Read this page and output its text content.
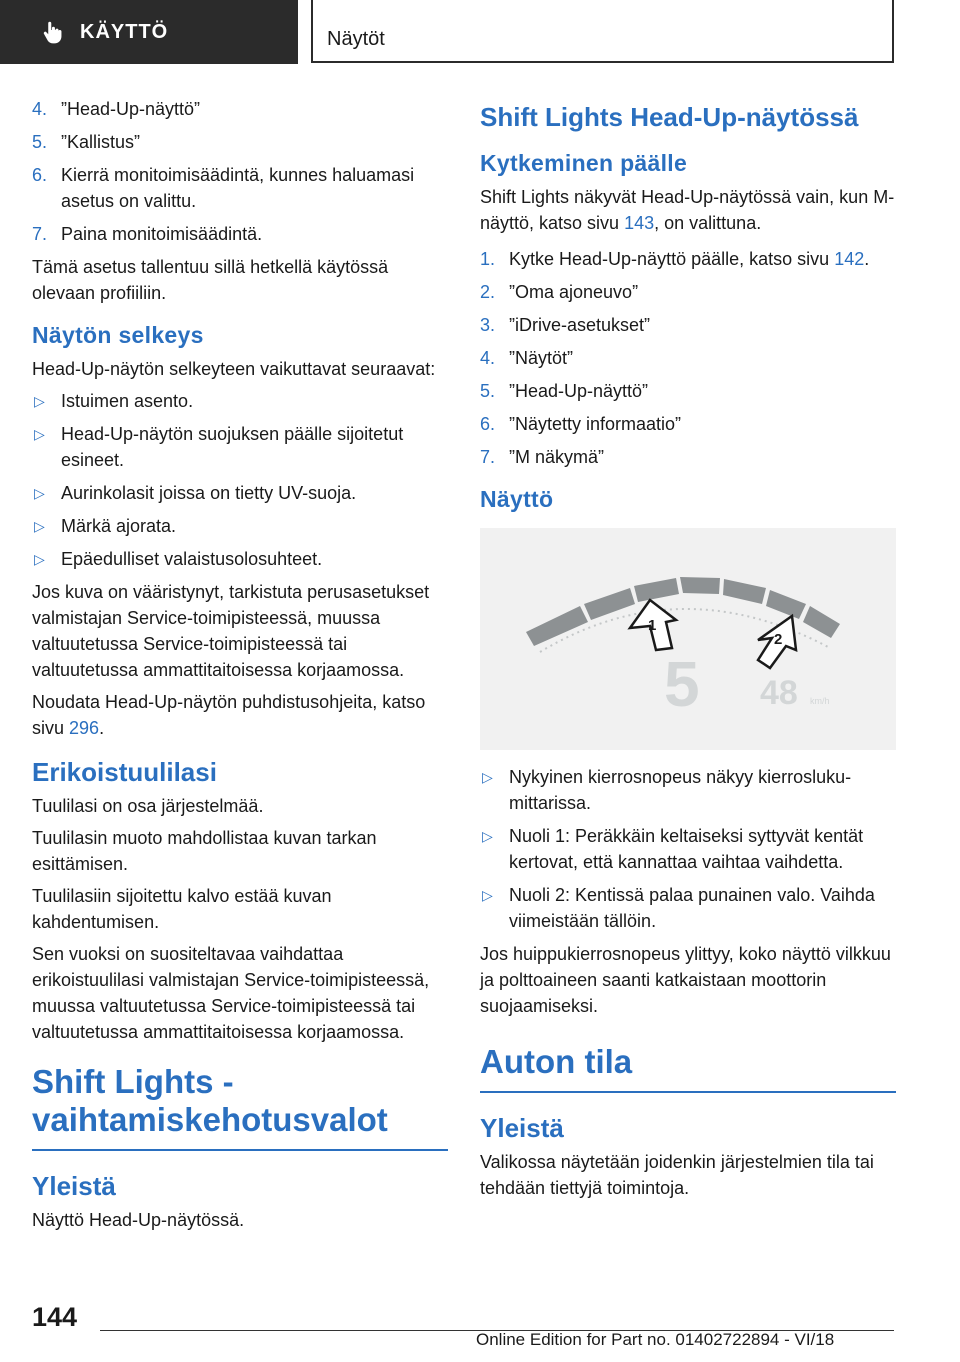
KÄYTTÖ	Näytöt
4. ”Head-Up-näyttö”
5. ”Kallistus”
6. Kierrä monitoimisäädintä, kunnes haluamasi asetus on valittu.
7. Paina monitoimisäädintä.

Tämä asetus tallentuu sillä hetkellä käytössä olevaan profiiliin.

Näytön selkeys

Head-Up-näytön selkeyteen vaikuttavat seuraavat:

▷ Istuimen asento.
▷ Head-Up-näytön suojuksen päälle sijoitetut esineet.
▷ Aurinkolasit joissa on tietty UV-suoja.
▷ Märkä ajorata.
▷ Epäedulliset valaistusolosuhteet.

Jos kuva on vääristynyt, tarkistuta perusasetukset valmistajan Service-toimipisteessä, muussa valtuutetussa Service-toimipisteessä tai valtuutetussa ammattitaitoisessa korjaamossa.

Noudata Head-Up-näytön puhdistusohjeita, katso sivu 296.

Erikoistuulilasi

Tuulilasi on osa järjestelmää.

Tuulilasin muoto mahdollistaa kuvan tarkan esittämisen.

Tuulilasiin sijoitettu kalvo estää kuvan kahdentumisen.

Sen vuoksi on suositeltavaa vaihdattaa erikoistuulilasi valmistajan Service-toimipisteessä, muussa valtuutetussa Service-toimipisteessä tai valtuutetussa ammattitaitoisessa korjaamossa.

Shift Lights -
vaihtamiskehotusvalot
Yleistä

Näyttö Head-Up-näytössä.

Shift Lights Head-Up-näytössä
Kytkeminen päälle

Shift Lights näkyvät Head-Up-näytössä vain, kun M-näyttö, katso sivu 143, on valittuna.

1. Kytke Head-Up-näyttö päälle, katso sivu 142.
2. ”Oma ajoneuvo”
3. ”iDrive-asetukset”
4. ”Näytöt”
5. ”Head-Up-näyttö”
6. ”Näytetty informaatio”
7. ”M näkymä”
Näyttö
1
2
5 48 km/h
▷ Nykyinen kierrosnopeus näkyy kierroslukumittarissa.
▷ Nuoli 1: Peräkkäin keltaiseksi syttyvät kentät kertovat, että kannattaa vaihtaa vaihdetta.
▷ Nuoli 2: Kentissä palaa punainen valo. Vaihda viimeistään tällöin.

Jos huippukierrosnopeus ylittyy, koko näyttö vilkkuu ja polttoaineen saanti katkaistaan moottorin suojaamiseksi.

Auton tila
Yleistä

Valikossa näytetään joidenkin järjestelmien tila tai tehdään tiettyjä toimintoja.

144
Online Edition for Part no. 01402722894 - VI/18
